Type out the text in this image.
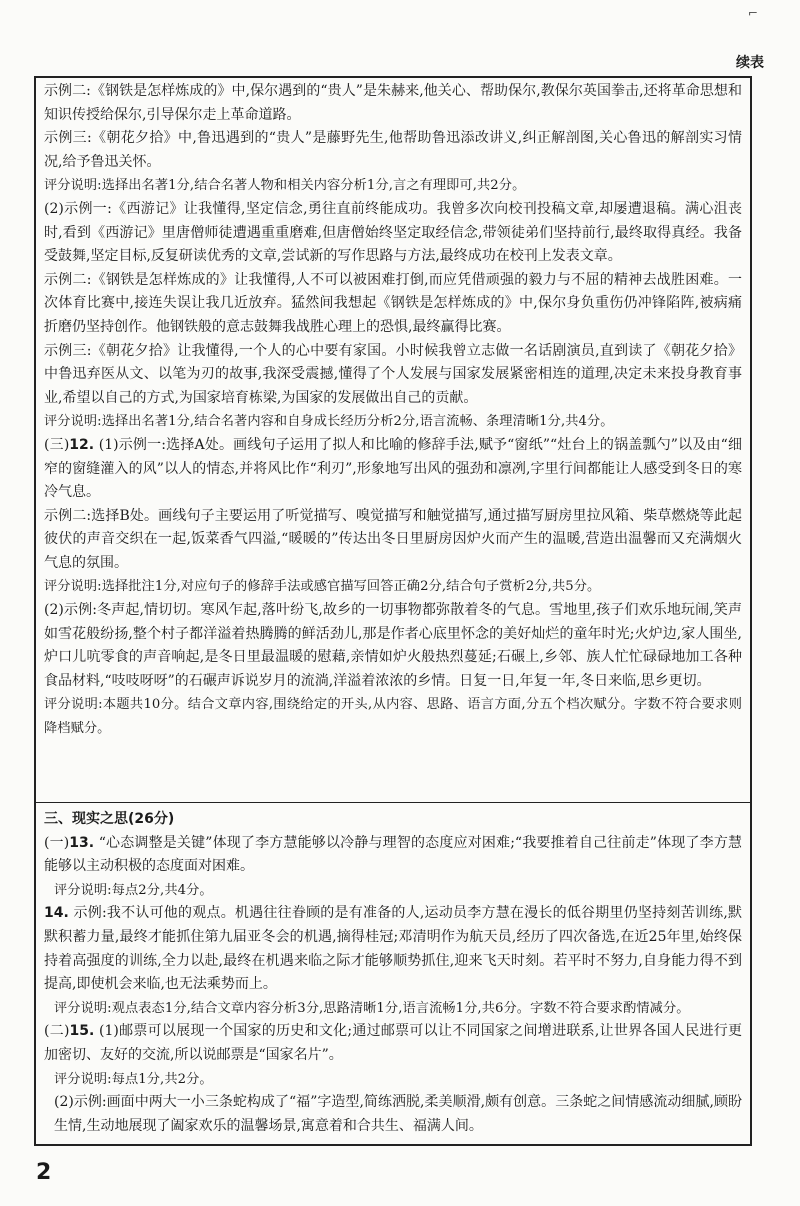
⌐
续表

示例二:《钢铁是怎样炼成的》中,保尔遇到的“贵人”是朱赫来,他关心、帮助保尔,教保尔英国拳击,还将革命思想和知识传授给保尔,引导保尔走上革命道路。

示例三:《朝花夕拾》中,鲁迅遇到的“贵人”是藤野先生,他帮助鲁迅添改讲义,纠正解剖图,关心鲁迅的解剖实习情况,给予鲁迅关怀。

评分说明:选择出名著1分,结合名著人物和相关内容分析1分,言之有理即可,共2分。

(2)示例一:《西游记》让我懂得,坚定信念,勇往直前终能成功。我曾多次向校刊投稿文章,却屡遭退稿。满心沮丧时,看到《西游记》里唐僧师徒遭遇重重磨难,但唐僧始终坚定取经信念,带领徒弟们坚持前行,最终取得真经。我备受鼓舞,坚定目标,反复研读优秀的文章,尝试新的写作思路与方法,最终成功在校刊上发表文章。

示例二:《钢铁是怎样炼成的》让我懂得,人不可以被困难打倒,而应凭借顽强的毅力与不屈的精神去战胜困难。一次体育比赛中,接连失误让我几近放弃。猛然间我想起《钢铁是怎样炼成的》中,保尔身负重伤仍冲锋陷阵,被病痛折磨仍坚持创作。他钢铁般的意志鼓舞我战胜心理上的恐惧,最终赢得比赛。

示例三:《朝花夕拾》让我懂得,一个人的心中要有家国。小时候我曾立志做一名话剧演员,直到读了《朝花夕拾》中鲁迅弃医从文、以笔为刃的故事,我深受震撼,懂得了个人发展与国家发展紧密相连的道理,决定未来投身教育事业,希望以自己的方式,为国家培育栋梁,为国家的发展做出自己的贡献。

评分说明:选择出名著1分,结合名著内容和自身成长经历分析2分,语言流畅、条理清晰1分,共4分。

(三)12. (1)示例一:选择A处。画线句子运用了拟人和比喻的修辞手法,赋予“窗纸”“灶台上的锅盖瓢勺”以及由“细窄的窗缝灌入的风”以人的情态,并将风比作“利刃”,形象地写出风的强劲和凛冽,字里行间都能让人感受到冬日的寒冷气息。

示例二:选择B处。画线句子主要运用了听觉描写、嗅觉描写和触觉描写,通过描写厨房里拉风箱、柴草燃烧等此起彼伏的声音交织在一起,饭菜香气四溢,“暖暖的”传达出冬日里厨房因炉火而产生的温暖,营造出温馨而又充满烟火气息的氛围。

评分说明:选择批注1分,对应句子的修辞手法或感官描写回答正确2分,结合句子赏析2分,共5分。

(2)示例:冬声起,情切切。寒风乍起,落叶纷飞,故乡的一切事物都弥散着冬的气息。雪地里,孩子们欢乐地玩闹,笑声如雪花般纷扬,整个村子都洋溢着热腾腾的鲜活劲儿,那是作者心底里怀念的美好灿烂的童年时光;火炉边,家人围坐,炉口儿吭零食的声音响起,是冬日里最温暖的慰藉,亲情如炉火般热烈蔓延;石碾上,乡邻、族人忙忙碌碌地加工各种食品材料,“吱吱呀呀”的石碾声诉说岁月的流淌,洋溢着浓浓的乡情。日复一日,年复一年,冬日来临,思乡更切。

评分说明:本题共10分。结合文章内容,围绕给定的开头,从内容、思路、语言方面,分五个档次赋分。字数不符合要求则降档赋分。

三、现实之思(26分)

(一)13. “心态调整是关键”体现了李方慧能够以冷静与理智的态度应对困难;“我要推着自己往前走”体现了李方慧能够以主动积极的态度面对困难。

评分说明:每点2分,共4分。

14. 示例:我不认可他的观点。机遇往往眷顾的是有准备的人,运动员李方慧在漫长的低谷期里仍坚持刻苦训练,默默积蓄力量,最终才能抓住第九届亚冬会的机遇,摘得桂冠;邓清明作为航天员,经历了四次备选,在近25年里,始终保持着高强度的训练,全力以赴,最终在机遇来临之际才能够顺势抓住,迎来飞天时刻。若平时不努力,自身能力得不到提高,即使机会来临,也无法乘势而上。

评分说明:观点表态1分,结合文章内容分析3分,思路清晰1分,语言流畅1分,共6分。字数不符合要求酌情减分。

(二)15. (1)邮票可以展现一个国家的历史和文化;通过邮票可以让不同国家之间增进联系,让世界各国人民进行更加密切、友好的交流,所以说邮票是“国家名片”。

评分说明:每点1分,共2分。

(2)示例:画面中两大一小三条蛇构成了“福”字造型,简练洒脱,柔美顺滑,颇有创意。三条蛇之间情感流动细腻,顾盼生情,生动地展现了阖家欢乐的温馨场景,寓意着和合共生、福满人间。

2
